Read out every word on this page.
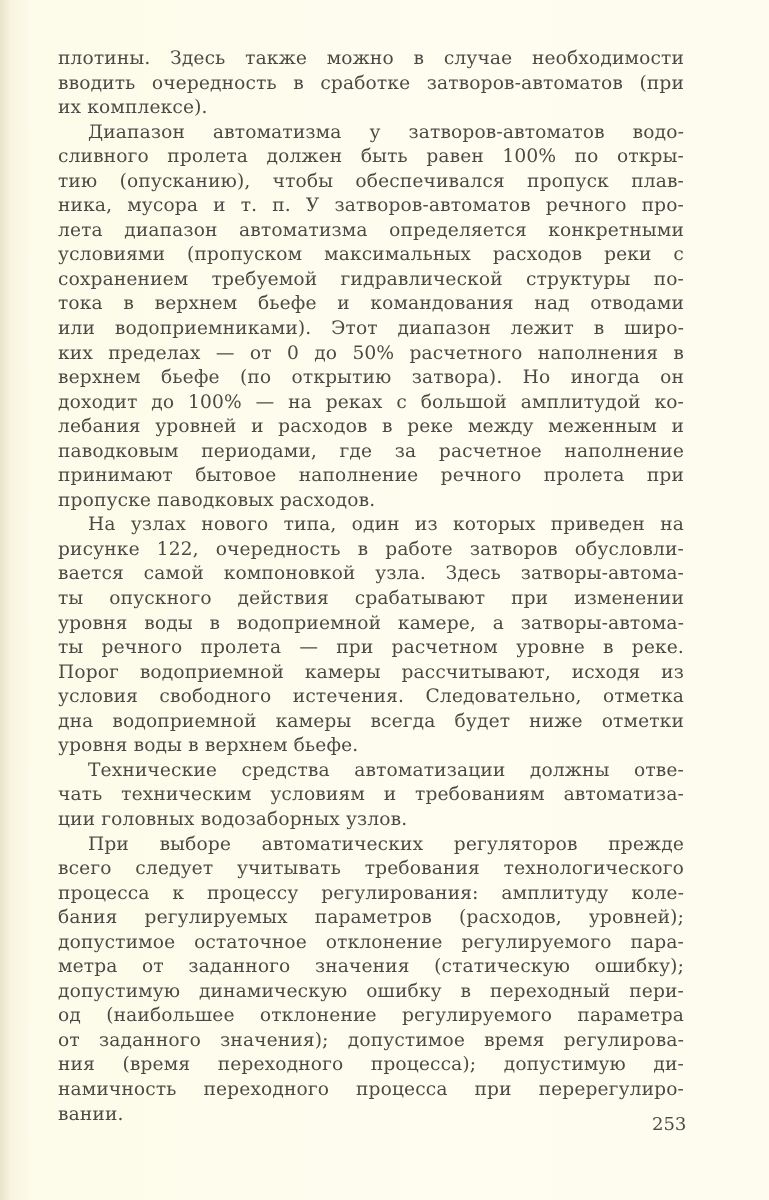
плотины. Здесь также можно в случае необходимости
вводить очередность в сработке затворов-автоматов (при
их комплексе).
Диапазон автоматизма у затворов-автоматов водо-
сливного пролета должен быть равен 100% по откры-
тию (опусканию), чтобы обеспечивался пропуск плав-
ника, мусора и т. п. У затворов-автоматов речного про-
лета диапазон автоматизма определяется конкретными
условиями (пропуском максимальных расходов реки с
сохранением требуемой гидравлической структуры по-
тока в верхнем бьефе и командования над отводами
или водоприемниками). Этот диапазон лежит в широ-
ких пределах — от 0 до 50% расчетного наполнения в
верхнем бьефе (по открытию затвора). Но иногда он
доходит до 100% — на реках с большой амплитудой ко-
лебания уровней и расходов в реке между меженным и
паводковым периодами, где за расчетное наполнение
принимают бытовое наполнение речного пролета при
пропуске паводковых расходов.
На узлах нового типа, один из которых приведен на
рисунке 122, очередность в работе затворов обусловли-
вается самой компоновкой узла. Здесь затворы-автома-
ты опускного действия срабатывают при изменении
уровня воды в водоприемной камере, а затворы-автома-
ты речного пролета — при расчетном уровне в реке.
Порог водоприемной камеры рассчитывают, исходя из
условия свободного истечения. Следовательно, отметка
дна водоприемной камеры всегда будет ниже отметки
уровня воды в верхнем бьефе.
Технические средства автоматизации должны отве-
чать техническим условиям и требованиям автоматиза-
ции головных водозаборных узлов.
При выборе автоматических регуляторов прежде
всего следует учитывать требования технологического
процесса к процессу регулирования: амплитуду коле-
бания регулируемых параметров (расходов, уровней);
допустимое остаточное отклонение регулируемого пара-
метра от заданного значения (статическую ошибку);
допустимую динамическую ошибку в переходный пери-
од (наибольшее отклонение регулируемого параметра
от заданного значения); допустимое время регулирова-
ния (время переходного процесса); допустимую ди-
намичность переходного процесса при перерегулиро-
вании.	253
